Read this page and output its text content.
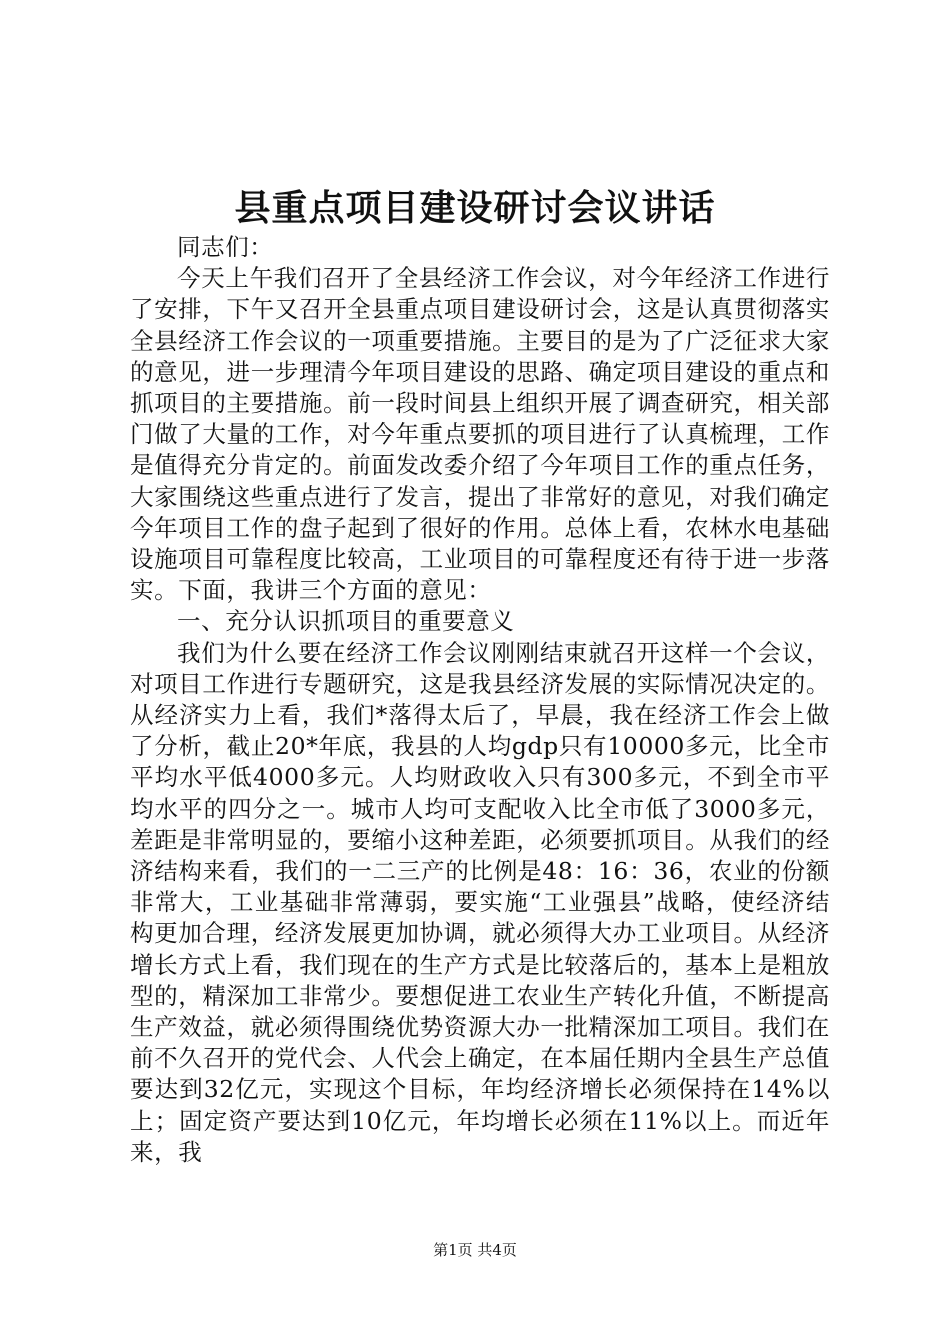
县重点项目建设研讨会议讲话

同志们：

今天上午我们召开了全县经济工作会议，对今年经济工作进行了安排，下午又召开全县重点项目建设研讨会，这是认真贯彻落实全县经济工作会议的一项重要措施。主要目的是为了广泛征求大家的意见，进一步理清今年项目建设的思路、确定项目建设的重点和抓项目的主要措施。前一段时间县上组织开展了调查研究，相关部门做了大量的工作，对今年重点要抓的项目进行了认真梳理，工作是值得充分肯定的。前面发改委介绍了今年项目工作的重点任务，大家围绕这些重点进行了发言，提出了非常好的意见，对我们确定今年项目工作的盘子起到了很好的作用。总体上看，农林水电基础设施项目可靠程度比较高，工业项目的可靠程度还有待于进一步落实。下面，我讲三个方面的意见：

一、充分认识抓项目的重要意义

我们为什么要在经济工作会议刚刚结束就召开这样一个会议，对项目工作进行专题研究，这是我县经济发展的实际情况决定的。从经济实力上看，我们*落得太后了，早晨，我在经济工作会上做了分析，截止20*年底，我县的人均gdp只有10000多元，比全市平均水平低4000多元。人均财政收入只有300多元，不到全市平均水平的四分之一。城市人均可支配收入比全市低了3000多元，差距是非常明显的，要缩小这种差距，必须要抓项目。从我们的经济结构来看，我们的一二三产的比例是48：16：36，农业的份额非常大，工业基础非常薄弱，要实施“工业强县”战略，使经济结构更加合理，经济发展更加协调，就必须得大办工业项目。从经济增长方式上看，我们现在的生产方式是比较落后的，基本上是粗放型的，精深加工非常少。要想促进工农业生产转化升值，不断提高生产效益，就必须得围绕优势资源大办一批精深加工项目。我们在前不久召开的党代会、人代会上确定，在本届任期内全县生产总值要达到32亿元，实现这个目标，年均经济增长必须保持在14%以上；固定资产要达到10亿元，年均增长必须在11%以上。而近年来，我

第1页 共4页
